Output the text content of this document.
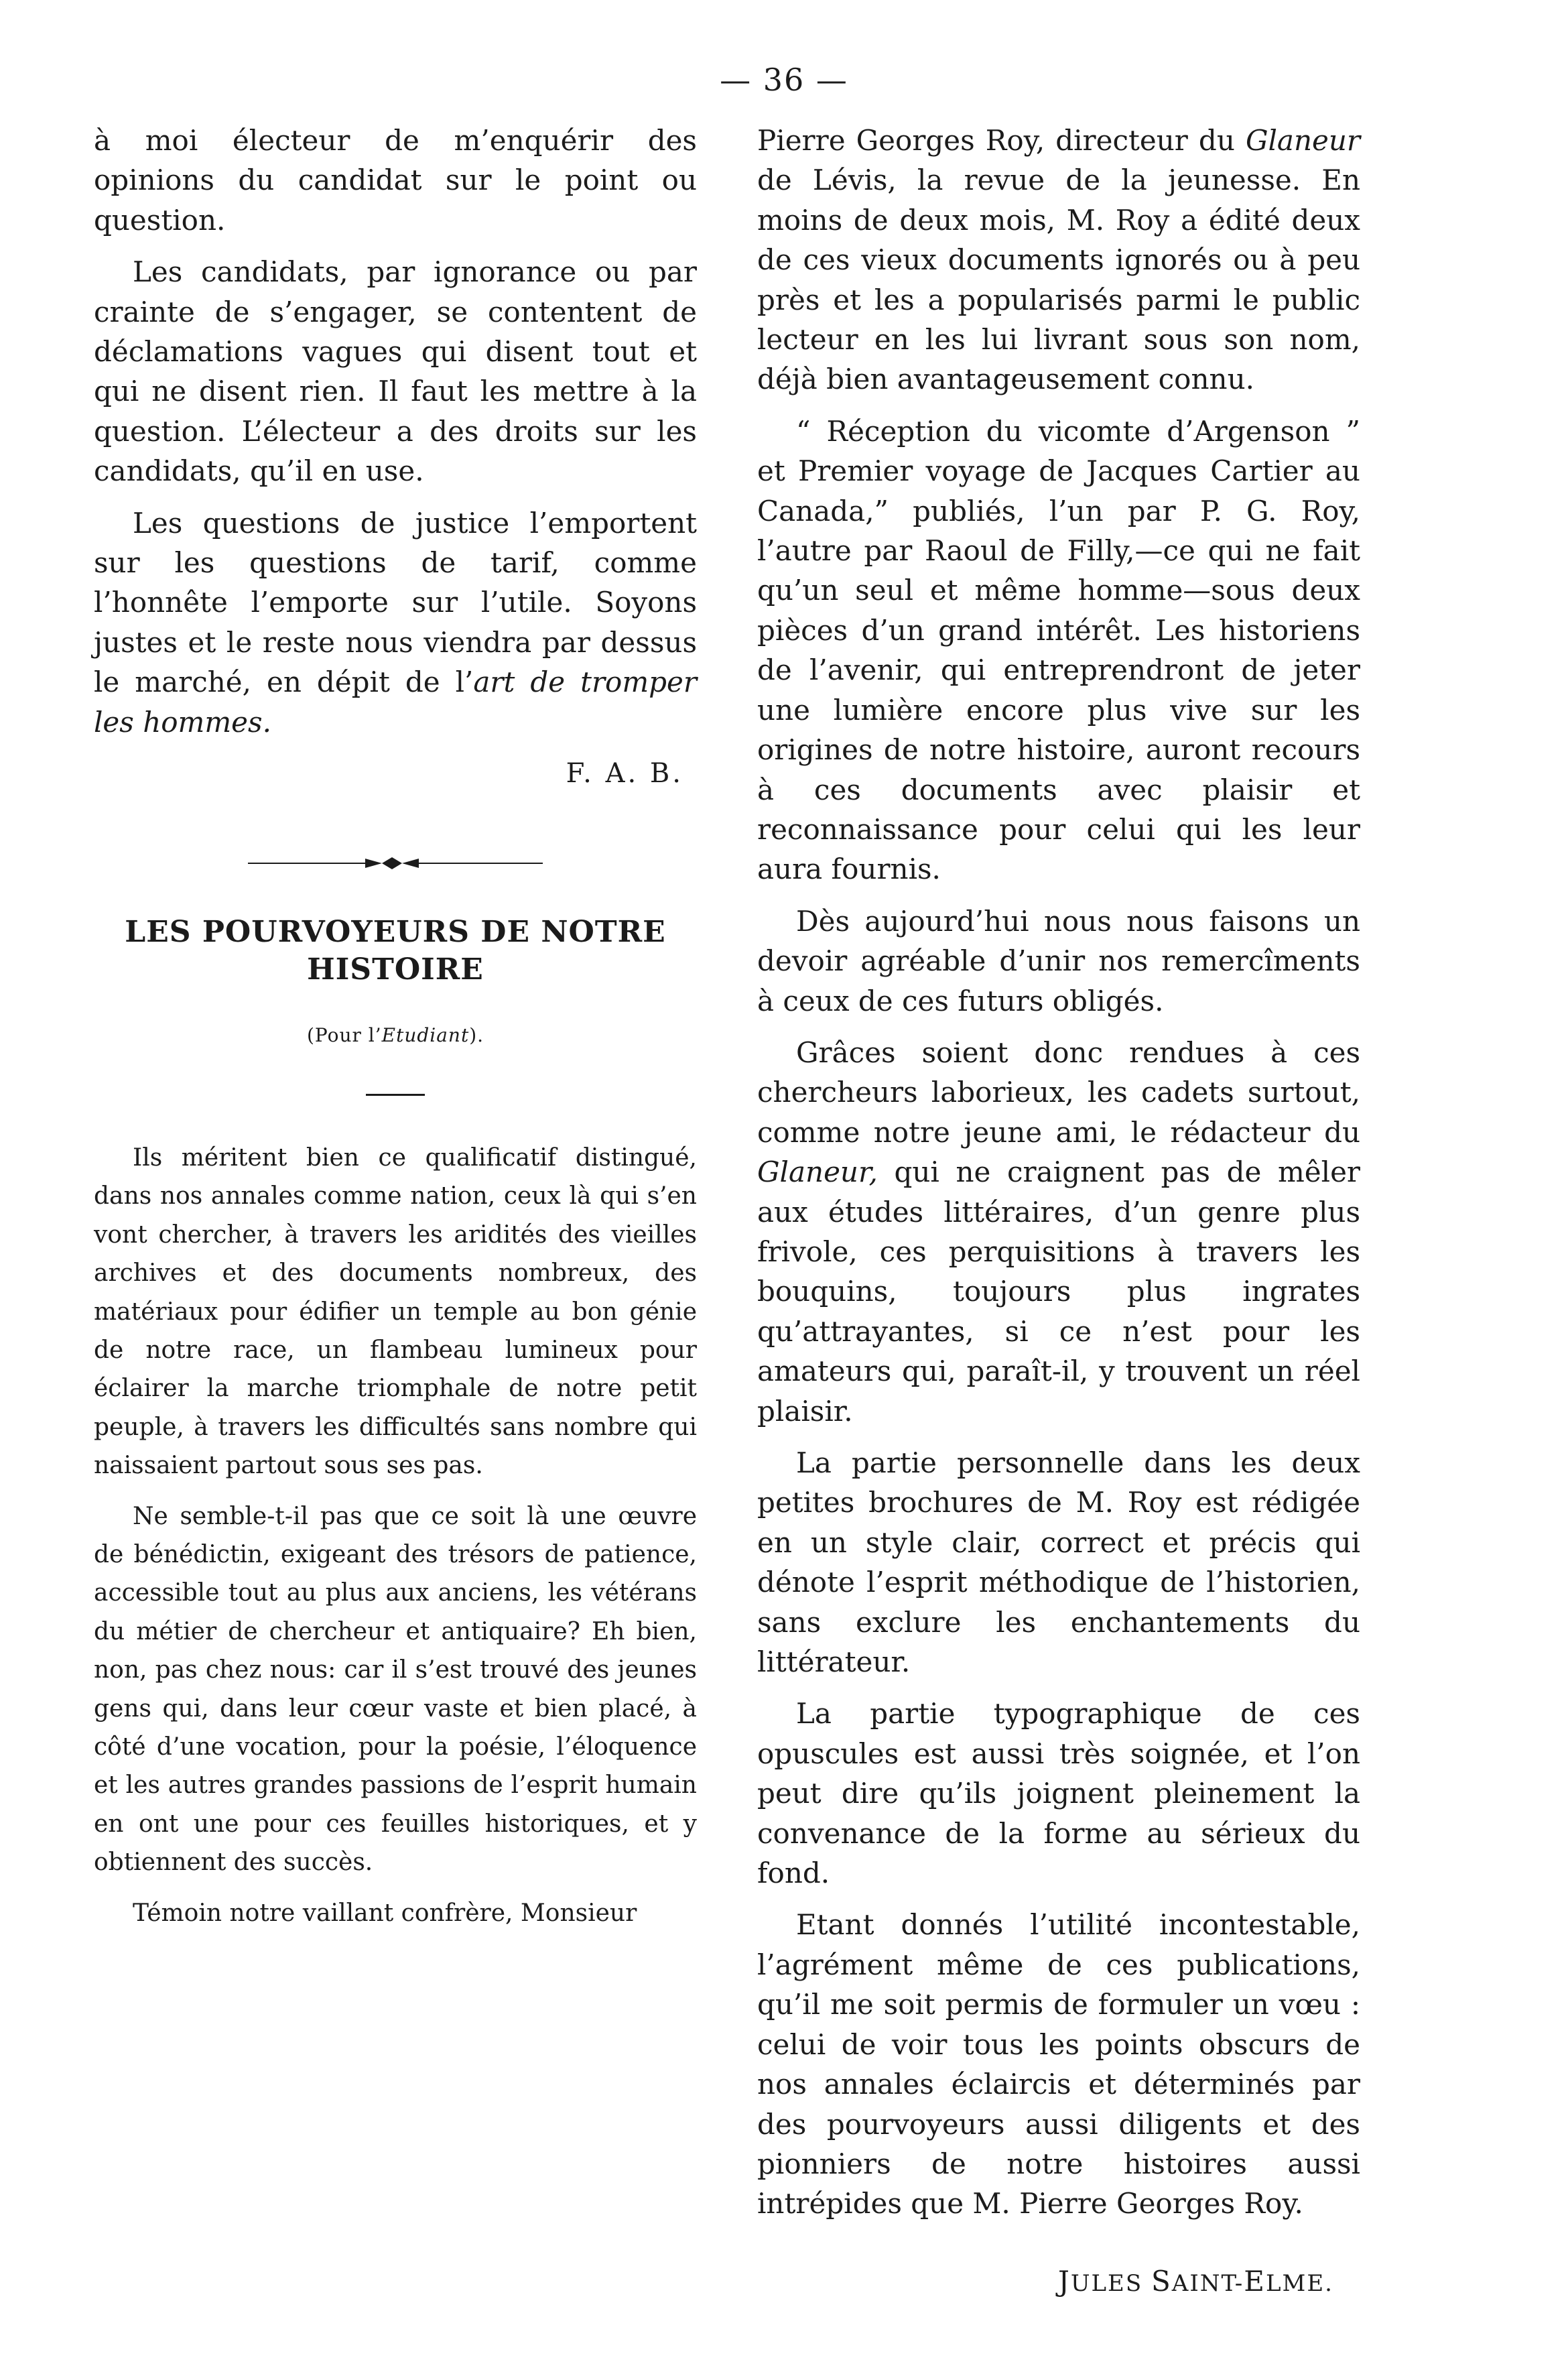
— 36 —

à moi électeur de m’enquérir des opinions du candidat sur le point ou question.

Les candidats, par ignorance ou par crainte de s’engager, se contentent de déclamations vagues qui disent tout et qui ne disent rien. Il faut les mettre à la question. L’électeur a des droits sur les candidats, qu’il en use.

Les questions de justice l’emportent sur les questions de tarif, comme l’honnête l’emporte sur l’utile. Soyons justes et le reste nous viendra par dessus le marché, en dépit de l’art de tromper les hommes.

F. A. B.
LES POURVOYEURS DE NOTRE
HISTOIRE
(Pour l’Etudiant).

Ils méritent bien ce qualificatif distingué, dans nos annales comme nation, ceux là qui s’en vont chercher, à travers les aridités des vieilles archives et des documents nombreux, des matériaux pour édifier un temple au bon génie de notre race, un flambeau lumineux pour éclairer la marche triomphale de notre petit peuple, à travers les difficultés sans nombre qui naissaient partout sous ses pas.

Ne semble-t-il pas que ce soit là une œuvre de bénédictin, exigeant des trésors de patience, accessible tout au plus aux anciens, les vétérans du métier de chercheur et antiquaire? Eh bien, non, pas chez nous: car il s’est trouvé des jeunes gens qui, dans leur cœur vaste et bien placé, à côté d’une vocation, pour la poésie, l’éloquence et les autres grandes passions de l’esprit humain en ont une pour ces feuilles historiques, et y obtiennent des succès.

Témoin notre vaillant confrère, Monsieur

Pierre Georges Roy, directeur du Glaneur de Lévis, la revue de la jeunesse. En moins de deux mois, M. Roy a édité deux de ces vieux documents ignorés ou à peu près et les a popularisés parmi le public lecteur en les lui livrant sous son nom, déjà bien avantageusement connu.

“ Réception du vicomte d’Argenson ” et Premier voyage de Jacques Cartier au Canada,” publiés, l’un par P. G. Roy, l’autre par Raoul de Filly,—ce qui ne fait qu’un seul et même homme—sous deux pièces d’un grand intérêt. Les historiens de l’avenir, qui entreprendront de jeter une lumière encore plus vive sur les origines de notre histoire, auront recours à ces documents avec plaisir et reconnaissance pour celui qui les leur aura fournis.

Dès aujourd’hui nous nous faisons un devoir agréable d’unir nos remercîments à ceux de ces futurs obligés.

Grâces soient donc rendues à ces chercheurs laborieux, les cadets surtout, comme notre jeune ami, le rédacteur du Glaneur, qui ne craignent pas de mêler aux études littéraires, d’un genre plus frivole, ces perquisitions à travers les bouquins, toujours plus ingrates qu’attrayantes, si ce n’est pour les amateurs qui, paraît-il, y trouvent un réel plaisir.

La partie personnelle dans les deux petites brochures de M. Roy est rédigée en un style clair, correct et précis qui dénote l’esprit méthodique de l’historien, sans exclure les enchantements du littérateur.

La partie typographique de ces opuscules est aussi très soignée, et l’on peut dire qu’ils joignent pleinement la convenance de la forme au sérieux du fond.

Etant donnés l’utilité incontestable, l’agrément même de ces publications, qu’il me soit permis de formuler un vœu : celui de voir tous les points obscurs de nos annales éclaircis et déterminés par des pourvoyeurs aussi diligents et des pionniers de notre histoires aussi intrépides que M. Pierre Georges Roy.

JULES SAINT-ELME.
